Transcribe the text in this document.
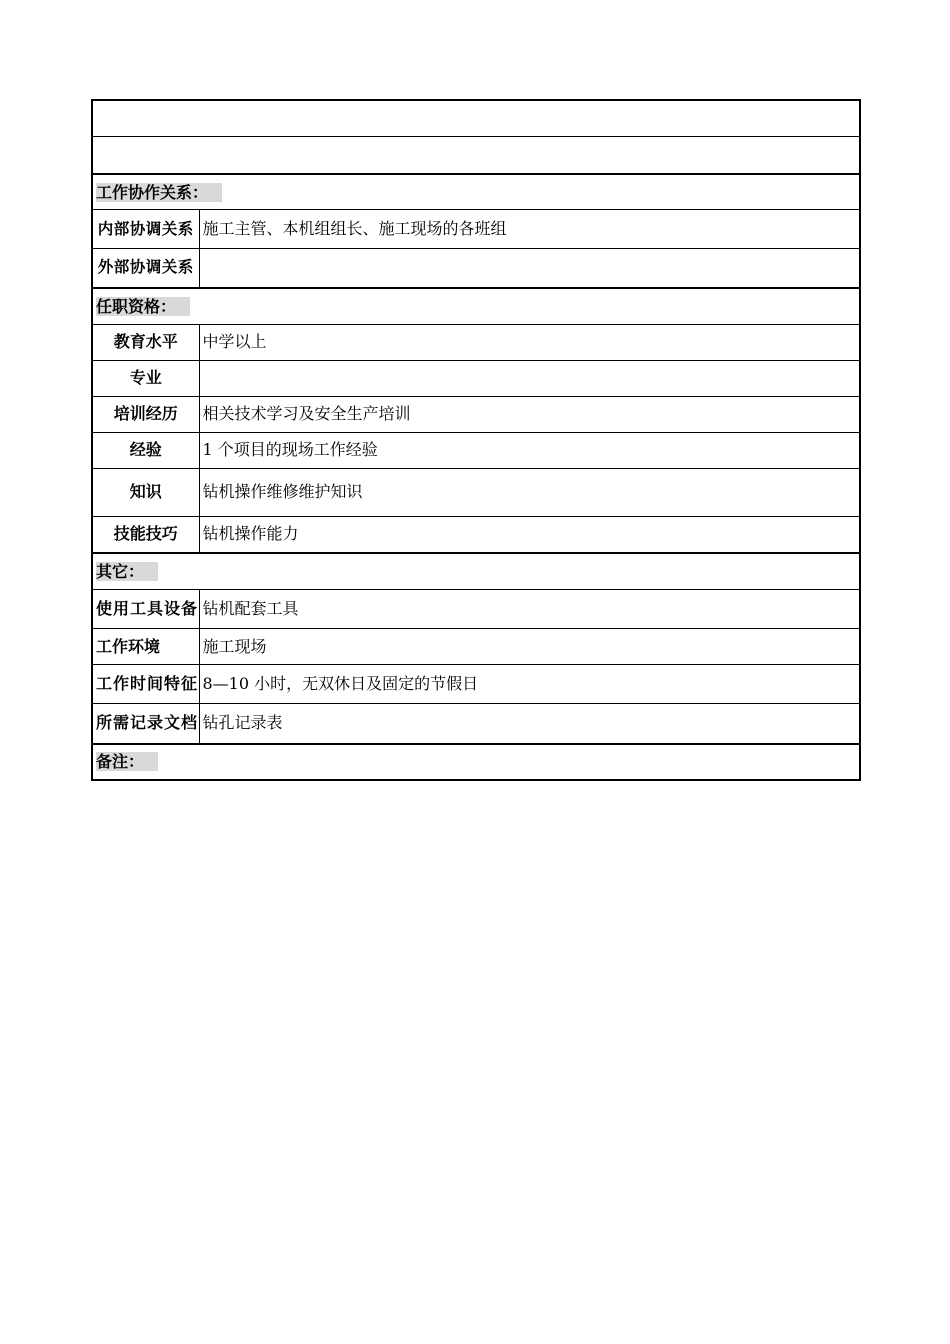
工作协作关系：	
内部协调关系	施工主管、本机组组长、施工现场的各班组
外部协调关系	
任职资格：	
教育水平	中学以上
专业	
培训经历	相关技术学习及安全生产培训
经验	1 个项目的现场工作经验
知识	钻机操作维修维护知识
技能技巧	钻机操作能力
其它：	
使用工具设备	钻机配套工具
工作环境	施工现场
工作时间特征	8—10 小时，无双休日及固定的节假日
所需记录文档	钻孔记录表
备注：	
